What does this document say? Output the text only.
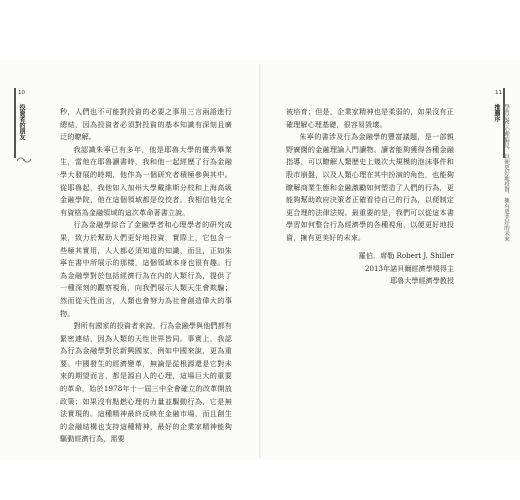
10
投資者的朋友	秒，人們也不可能對投資的必要之事用三言兩語進行總結，因為投資者必須對投資的基本知識有深刻且廣泛的瞭解。

我認識朱寧已有多年，他是耶魯大學的優秀畢業生，當他在耶魯讀書時，我和他一起經歷了行為金融學大發展的時期，他作為一個研究者積極參與其中。從耶魯起，我他如入加州大學戴維斯分校和上海高級金融學院，他在這個領域都是佼佼者。我相信他完全有資格為金融領域的這次革命著書立說。

行為金融學綜合了金融學者和心理學者的研究成果，致力於幫助人們更好地投資，實際上，它包含一些極其實用，人人都必須知道的知識，而且，正如朱寧在書中所展示的那樣，這個領域本身也很有趣。行為金融學對於包括經濟行為在內的人類行為，提供了一種深刻的觀察視角，向我們展示人類天生會欺騙；然而從天性而言，人類也會努力為社會創造偉大的事物。

對所有國家的投資者來說，行為金融學與他們都有緊密連結，因為人類的天性世界皆同。事實上，我認為行為金融學對於新興國家，例如中國來說，更為重要。中國發生的經濟變革，無論是從根源還是它對未來的期望而言，都是源自人的心理，這場巨大的重要的革命，始於1978年十一屆三中全會確立的改革開放政策；如果沒有點燃心理的力量並驅動行為，它是無法實現的。這種精神最終反映在金融市場，而且創生的金融結構也支持這種精神，最好的企業家精神能夠驅動經濟行為，需要

11
推薦序 學習這些心理偏見，以便更好地投資，擁有更美好的未來

被培育；但是，企業家精神也是柔弱的，如果沒有正確理解心理基礎，很容易毀壞。

朱寧的書涉及行為金融學的豐富議題，是一部親野廣闊的金融理論入門讀物。讀者能夠獲得各種金融指導，可以瞭解人類歷史上幾次大規模的泡沫事件和股市崩盤，以及人類心理在其中扮演的角色，也能夠瞭解商業生態和金融激勵如何塑造了人們的行為，更能夠幫助政府決策者正確看待自己的行為，以便制定更合理的法律法規。最重要的是，我們可以從這本書學習如何整合行為經濟學的各種視角，以便更好地投資，擁有更美好的未來。

羅伯．席勒 Robert J. Shiller
2013年諾貝爾經濟學獎得主
耶魯大學經濟學教授
